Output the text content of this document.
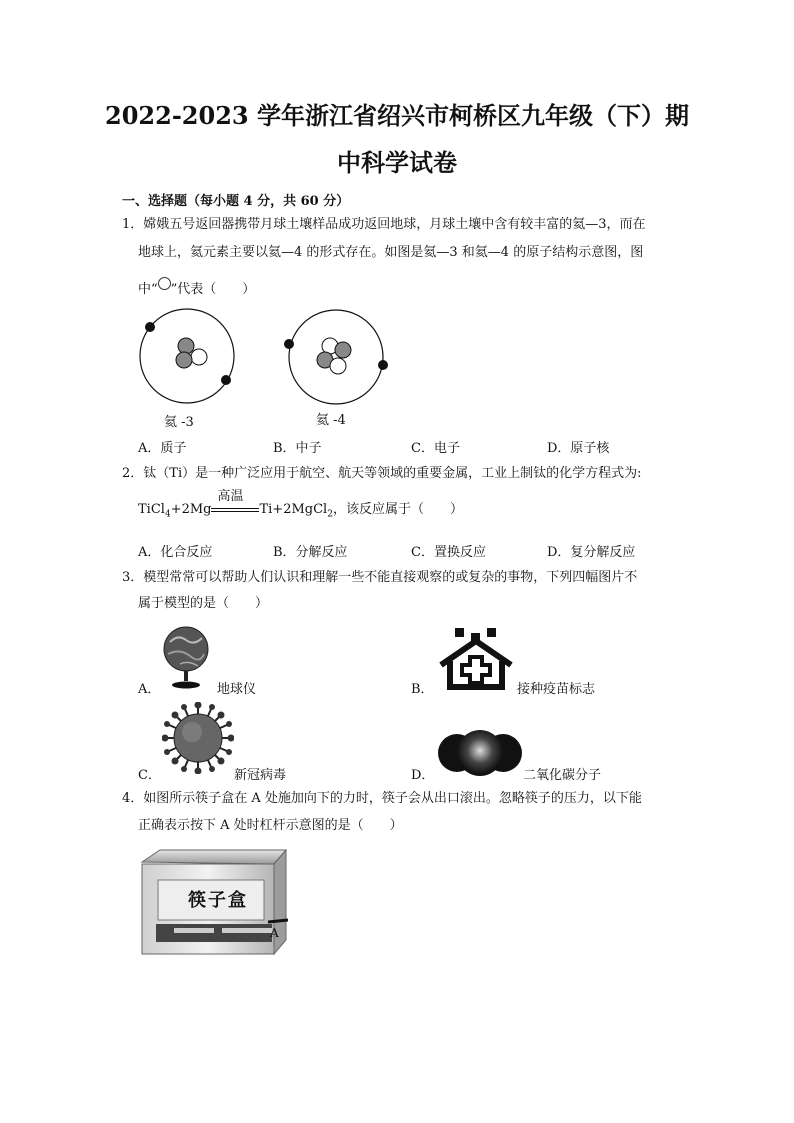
2022-2023 学年浙江省绍兴市柯桥区九年级（下）期
中科学试卷
一、选择题（每小题 4 分，共 60 分）
1．嫦娥五号返回器携带月球土壤样品成功返回地球，月球土壤中含有较丰富的氦—3，而在
地球上，氦元素主要以氦—4 的形式存在。如图是氦—3 和氦—4 的原子结构示意图，图
中“ ”代表（　　）
氦 -3	氦 -4
A．质子	B．中子	C．电子	D．原子核
2．钛（Ti）是一种广泛应用于航空、航天等领域的重要金属，工业上制钛的化学方程式为:
TiCl$_4$+2Mg
高温
Ti+2MgCl$_2$，该反应属于（　　）
A．化合反应	B．分解反应	C．置换反应	D．复分解反应
3．模型常常可以帮助人们认识和理解一些不能直接观察的或复杂的事物，下列四幅图片不
属于模型的是（　　）
A．	地球仪	B．	接种疫苗标志
C．	新冠病毒	D．	二氧化碳分子
4．如图所示筷子盒在 A 处施加向下的力时，筷子会从出口滚出。忽略筷子的压力，以下能
正确表示按下 A 处时杠杆示意图的是（　　）
筷子盒
A
